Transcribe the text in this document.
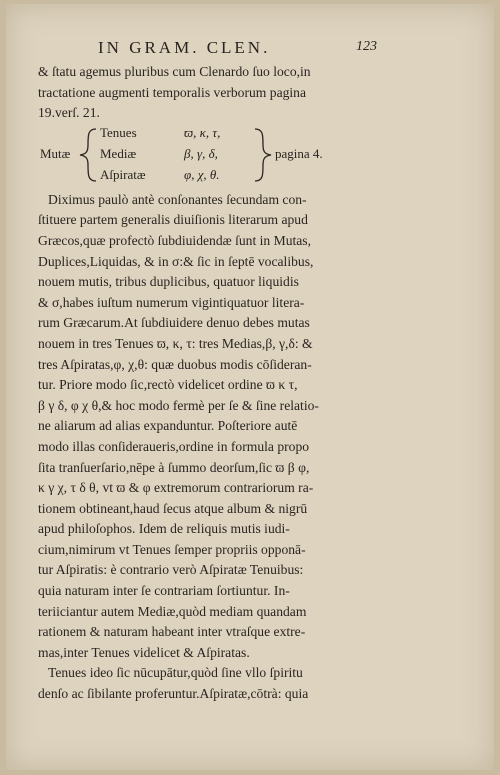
IN GRAM. CLEN.	123
& ſtatu agemus pluribus cum Clenardo ſuo loco,in
tractatione augmenti temporalis verborum pagina
19.verſ. 21.
Mutæ
Tenues	ϖ, κ, τ,
Mediæ	β, γ, δ,
Aſpiratæ	φ, χ, θ.
pagina 4.
Diximus paulò antè conſonantes ſecundam con-
ſtituere partem generalis diuiſionis literarum apud
Græcos,quæ profectò ſubdiuidendæ ſunt in Mutas,
Duplices,Liquidas, & in σ:& ſic in ſeptē vocalibus,
nouem mutis, tribus duplicibus, quatuor liquidis
& σ,habes iuſtum numerum vigintiquatuor litera-
rum Græcarum.At ſubdiuidere denuo debes mutas
nouem in tres Tenues ϖ, κ, τ: tres Medias,β, γ,δ: &
tres Aſpiratas,φ, χ,θ: quæ duobus modis cōſideran-
tur. Priore modo ſic,rectò videlicet ordine ϖ κ τ,
β γ δ, φ χ θ,& hoc modo fermè per ſe & ſine relatio-
ne aliarum ad alias expanduntur. Poſteriore autē
modo illas conſideraueris,ordine in formula propo
ſita tranſuerſario,nēpe à ſummo deorſum,ſic ϖ β φ,
κ γ χ, τ δ θ, vt ϖ & φ extremorum contrariorum ra-
tionem obtineant,haud ſecus atque album & nigrū
apud philoſophos. Idem de reliquis mutis iudi-
cium,nimirum vt Tenues ſemper propriis opponā-
tur Aſpiratis: è contrario verò Aſpiratæ Tenuibus:
quia naturam inter ſe contrariam ſortiuntur. In-
teriiciantur autem Mediæ,quòd mediam quandam
rationem & naturam habeant inter vtraſque extre-
mas,inter Tenues videlicet & Aſpiratas.
Tenues ideo ſic nūcupātur,quòd ſine vllo ſpiritu
denſo ac ſibilante proferuntur.Aſpiratæ,cōtrà: quia
